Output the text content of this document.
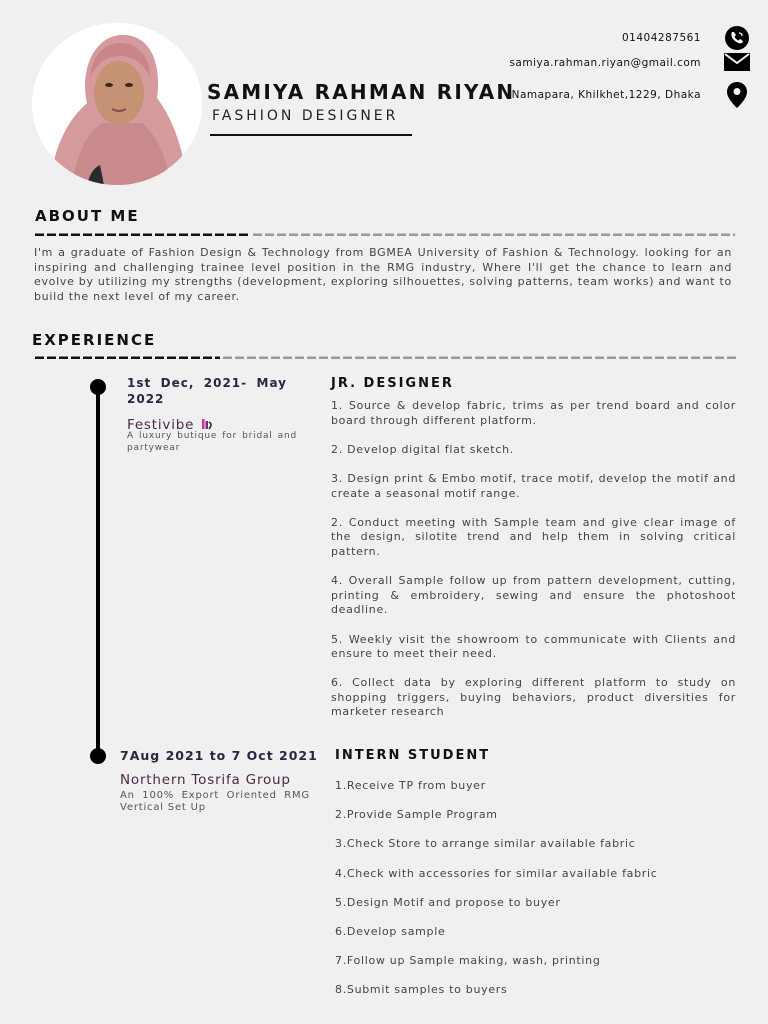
SAMIYA RAHMAN RIYAN
FASHION DESIGNER
01404287561
samiya.rahman.riyan@gmail.com
Namapara, Khilkhet,1229, Dhaka
ABOUT ME
I'm a graduate of Fashion Design & Technology from BGMEA University of Fashion & Technology. looking for an inspiring and challenging trainee level position in the RMG industry, Where I'll get the chance to learn and evolve by utilizing my strengths (development, exploring silhouettes, solving patterns, team works) and want to build the next level of my career.
EXPERIENCE
1st Dec, 2021- May 2022
Festivibe
A luxury butique for bridal and partywear
JR. DESIGNER
1. Source & develop fabric, trims as per trend board and color board through different platform.
2. Develop digital flat sketch.
3. Design print & Embo motif, trace motif, develop the motif and create a seasonal motif range.
2. Conduct meeting with Sample team and give clear image of the design, silotite trend and help them in solving critical pattern.
4. Overall Sample follow up from pattern development, cutting, printing & embroidery, sewing and ensure the photoshoot deadline.
5. Weekly visit the showroom to communicate with Clients and ensure to meet their need.
6. Collect data by exploring different platform to study on shopping triggers, buying behaviors, product diversities for marketer research
7Aug 2021 to 7 Oct 2021
Northern Tosrifa Group
An 100% Export Oriented RMG Vertical Set Up
INTERN STUDENT
1.Receive TP from buyer
2.Provide Sample Program
3.Check Store to arrange similar available fabric
4.Check with accessories for similar available fabric
5.Design Motif and propose to buyer
6.Develop sample
7.Follow up Sample making, wash, printing
8.Submit samples to buyers
